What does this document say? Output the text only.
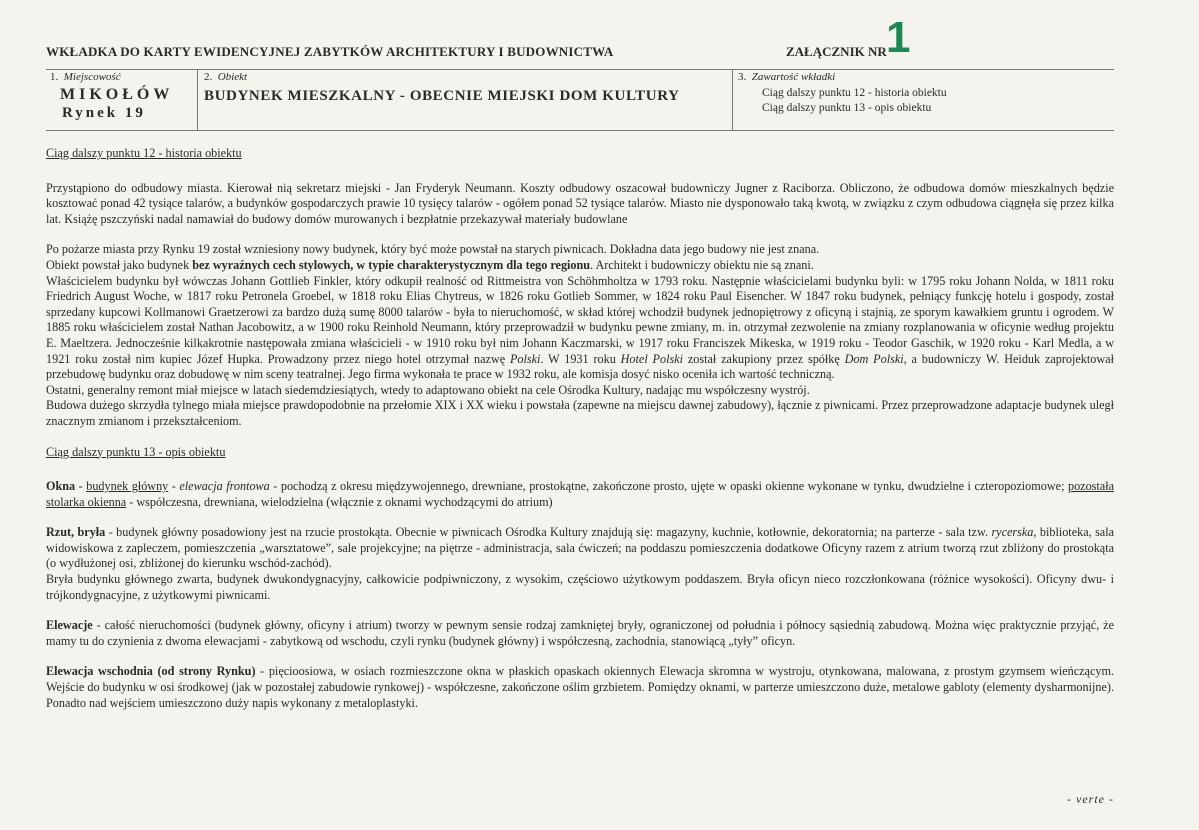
WKŁADKA DO KARTY EWIDENCYJNEJ ZABYTKÓW ARCHITEKTURY I BUDOWNICTWA	ZAŁĄCZNIK NR 1
1. Miejscowość
MIKOŁÓW
Rynek 19
2. Obiekt
BUDYNEK MIESZKALNY - OBECNIE MIEJSKI DOM KULTURY
3. Zawartość wkładki
Ciąg dalszy punktu 12 - historia obiektu
Ciąg dalszy punktu 13 - opis obiektu

Ciąg dalszy punktu 12 - historia obiektu

Przystąpiono do odbudowy miasta. Kierował nią sekretarz miejski - Jan Fryderyk Neumann. Koszty odbudowy oszacował budowniczy Jugner z Raciborza. Obliczono, że odbudowa domów mieszkalnych będzie kosztować ponad 42 tysiące talarów, a budynków gospodarczych prawie 10 tysięcy talarów - ogółem ponad 52 tysiące talarów. Miasto nie dysponowało taką kwotą, w związku z czym odbudowa ciągnęła się przez kilka lat. Książę pszczyński nadal namawiał do budowy domów murowanych i bezpłatnie przekazywał materiały budowlane

Po pożarze miasta przy Rynku 19 został wzniesiony nowy budynek, który być może powstał na starych piwnicach. Dokładna data jego budowy nie jest znana.

Obiekt powstał jako budynek bez wyraźnych cech stylowych, w typie charakterystycznym dla tego regionu. Architekt i budowniczy obiektu nie są znani.

Właścicielem budynku był wówczas Johann Gottlieb Finkler, który odkupił realność od Rittmeistra von Schöhmholtza w 1793 roku. Następnie właścicielami budynku byli: w 1795 roku Johann Nolda, w 1811 roku Friedrich August Woche, w 1817 roku Petronela Groebel, w 1818 roku Elias Chytreus, w 1826 roku Gotlieb Sommer, w 1824 roku Paul Eisencher. W 1847 roku budynek, pełniący funkcję hotelu i gospody, został sprzedany kupcowi Kollmanowi Graetzerowi za bardzo dużą sumę 8000 talarów - była to nieruchomość, w skład której wchodził budynek jednopiętrowy z oficyną i stajnią, ze sporym kawałkiem gruntu i ogrodem. W 1885 roku właścicielem został Nathan Jacobowitz, a w 1900 roku Reinhold Neumann, który przeprowadził w budynku pewne zmiany, m. in. otrzymał zezwolenie na zmiany rozplanowania w oficynie według projektu E. Maeltzera. Jednocześnie kilkakrotnie następowała zmiana właścicieli - w 1910 roku był nim Johann Kaczmarski, w 1917 roku Franciszek Mikeska, w 1919 roku - Teodor Gaschik, w 1920 roku - Karl Medla, a w 1921 roku został nim kupiec Józef Hupka. Prowadzony przez niego hotel otrzymał nazwę Polski. W 1931 roku Hotel Polski został zakupiony przez spółkę Dom Polski, a budowniczy W. Heiduk zaprojektował przebudowę budynku oraz dobudowę w nim sceny teatralnej. Jego firma wykonała te prace w 1932 roku, ale komisja dosyć nisko oceniła ich wartość techniczną.

Ostatni, generalny remont miał miejsce w latach siedemdziesiątych, wtedy to adaptowano obiekt na cele Ośrodka Kultury, nadając mu współczesny wystrój.

Budowa dużego skrzydła tylnego miała miejsce prawdopodobnie na przełomie XIX i XX wieku i powstała (zapewne na miejscu dawnej zabudowy), łącznie z piwnicami. Przez przeprowadzone adaptacje budynek uległ znacznym zmianom i przekształceniom.

Ciąg dalszy punktu 13 - opis obiektu

Okna - budynek główny - elewacja frontowa - pochodzą z okresu międzywojennego, drewniane, prostokątne, zakończone prosto, ujęte w opaski okienne wykonane w tynku, dwudzielne i czteropoziomowe; pozostała stolarka okienna - współczesna, drewniana, wielodzielna (włącznie z oknami wychodzącymi do atrium)

Rzut, bryła - budynek główny posadowiony jest na rzucie prostokąta. Obecnie w piwnicach Ośrodka Kultury znajdują się: magazyny, kuchnie, kotłownie, dekoratornia; na parterze - sala tzw. rycerska, biblioteka, sala widowiskowa z zapleczem, pomieszczenia „warsztatowe”, sale projekcyjne; na piętrze - administracja, sala ćwiczeń; na poddaszu pomieszczenia dodatkowe Oficyny razem z atrium tworzą rzut zbliżony do prostokąta (o wydłużonej osi, zbliżonej do kierunku wschód-zachód).

Bryła budynku głównego zwarta, budynek dwukondygnacyjny, całkowicie podpiwniczony, z wysokim, częściowo użytkowym poddaszem. Bryła oficyn nieco rozczłonkowana (różnice wysokości). Oficyny dwu- i trójkondygnacyjne, z użytkowymi piwnicami.

Elewacje - całość nieruchomości (budynek główny, oficyny i atrium) tworzy w pewnym sensie rodzaj zamkniętej bryły, ograniczonej od południa i północy sąsiednią zabudową. Można więc praktycznie przyjąć, że mamy tu do czynienia z dwoma elewacjami - zabytkową od wschodu, czyli rynku (budynek główny) i współczesną, zachodnia, stanowiącą „tyły” oficyn.

Elewacja wschodnia (od strony Rynku) - pięcioosiowa, w osiach rozmieszczone okna w płaskich opaskach okiennych Elewacja skromna w wystroju, otynkowana, malowana, z prostym gzymsem wieńczącym. Wejście do budynku w osi środkowej (jak w pozostałej zabudowie rynkowej) - współczesne, zakończone oślim grzbietem. Pomiędzy oknami, w parterze umieszczono duże, metalowe gabloty (elementy dysharmonijne). Ponadto nad wejściem umieszczono duży napis wykonany z metaloplastyki.

- verte -
